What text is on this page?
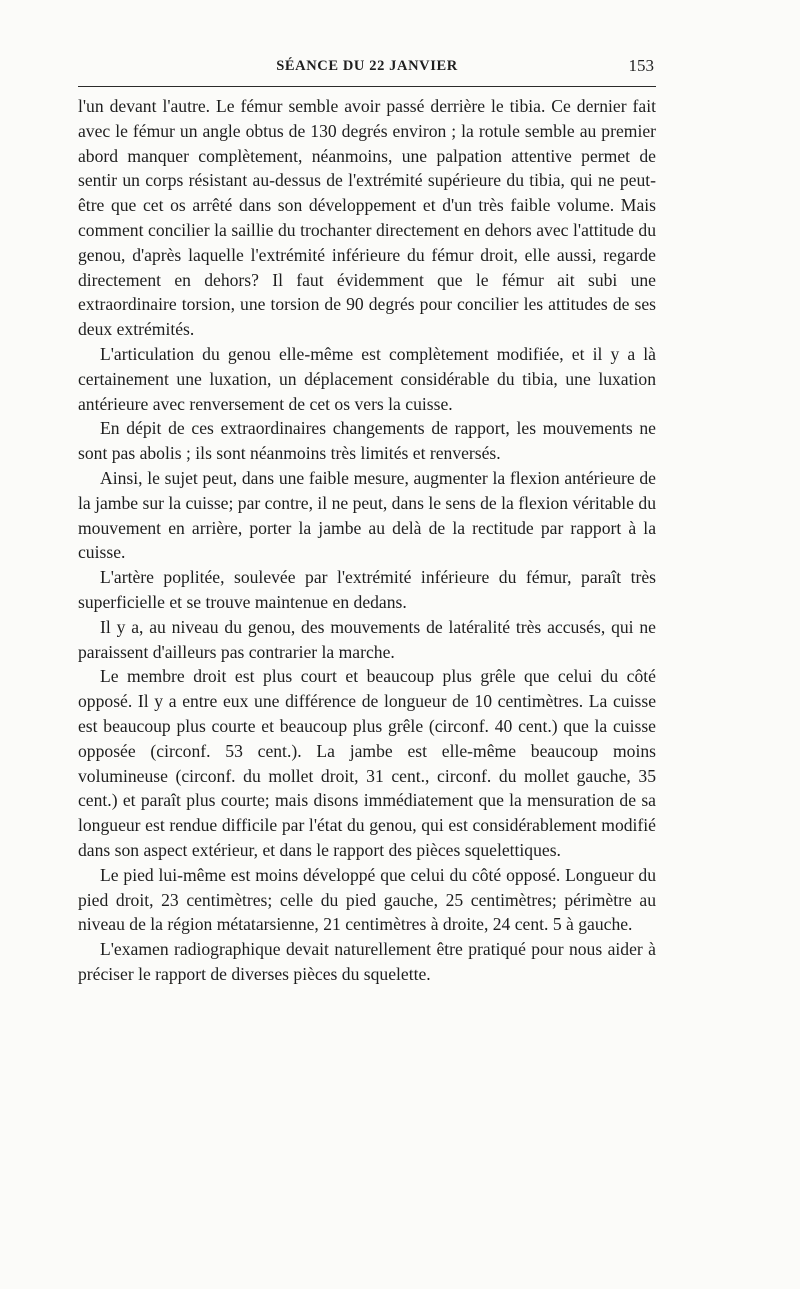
SÉANCE DU 22 JANVIER	153

l'un devant l'autre. Le fémur semble avoir passé derrière le tibia. Ce dernier fait avec le fémur un angle obtus de 130 degrés environ ; la rotule semble au premier abord manquer complètement, néanmoins, une palpation attentive permet de sentir un corps résistant au-dessus de l'extrémité supérieure du tibia, qui ne peut-être que cet os arrêté dans son développement et d'un très faible volume. Mais comment concilier la saillie du trochanter directement en dehors avec l'attitude du genou, d'après laquelle l'extrémité inférieure du fémur droit, elle aussi, regarde directement en dehors? Il faut évidemment que le fémur ait subi une extraordinaire torsion, une torsion de 90 degrés pour concilier les attitudes de ses deux extrémités.

L'articulation du genou elle-même est complètement modifiée, et il y a là certainement une luxation, un déplacement considérable du tibia, une luxation antérieure avec renversement de cet os vers la cuisse.

En dépit de ces extraordinaires changements de rapport, les mouvements ne sont pas abolis ; ils sont néanmoins très limités et renversés.

Ainsi, le sujet peut, dans une faible mesure, augmenter la flexion antérieure de la jambe sur la cuisse; par contre, il ne peut, dans le sens de la flexion véritable du mouvement en arrière, porter la jambe au delà de la rectitude par rapport à la cuisse.

L'artère poplitée, soulevée par l'extrémité inférieure du fémur, paraît très superficielle et se trouve maintenue en dedans.

Il y a, au niveau du genou, des mouvements de latéralité très accusés, qui ne paraissent d'ailleurs pas contrarier la marche.

Le membre droit est plus court et beaucoup plus grêle que celui du côté opposé. Il y a entre eux une différence de longueur de 10 centimètres. La cuisse est beaucoup plus courte et beaucoup plus grêle (circonf. 40 cent.) que la cuisse opposée (circonf. 53 cent.). La jambe est elle-même beaucoup moins volumineuse (circonf. du mollet droit, 31 cent., circonf. du mollet gauche, 35 cent.) et paraît plus courte; mais disons immédiatement que la mensuration de sa longueur est rendue difficile par l'état du genou, qui est considérablement modifié dans son aspect extérieur, et dans le rapport des pièces squelettiques.

Le pied lui-même est moins développé que celui du côté opposé. Longueur du pied droit, 23 centimètres; celle du pied gauche, 25 centimètres; périmètre au niveau de la région métatarsienne, 21 centimètres à droite, 24 cent. 5 à gauche.

L'examen radiographique devait naturellement être pratiqué pour nous aider à préciser le rapport de diverses pièces du squelette.
